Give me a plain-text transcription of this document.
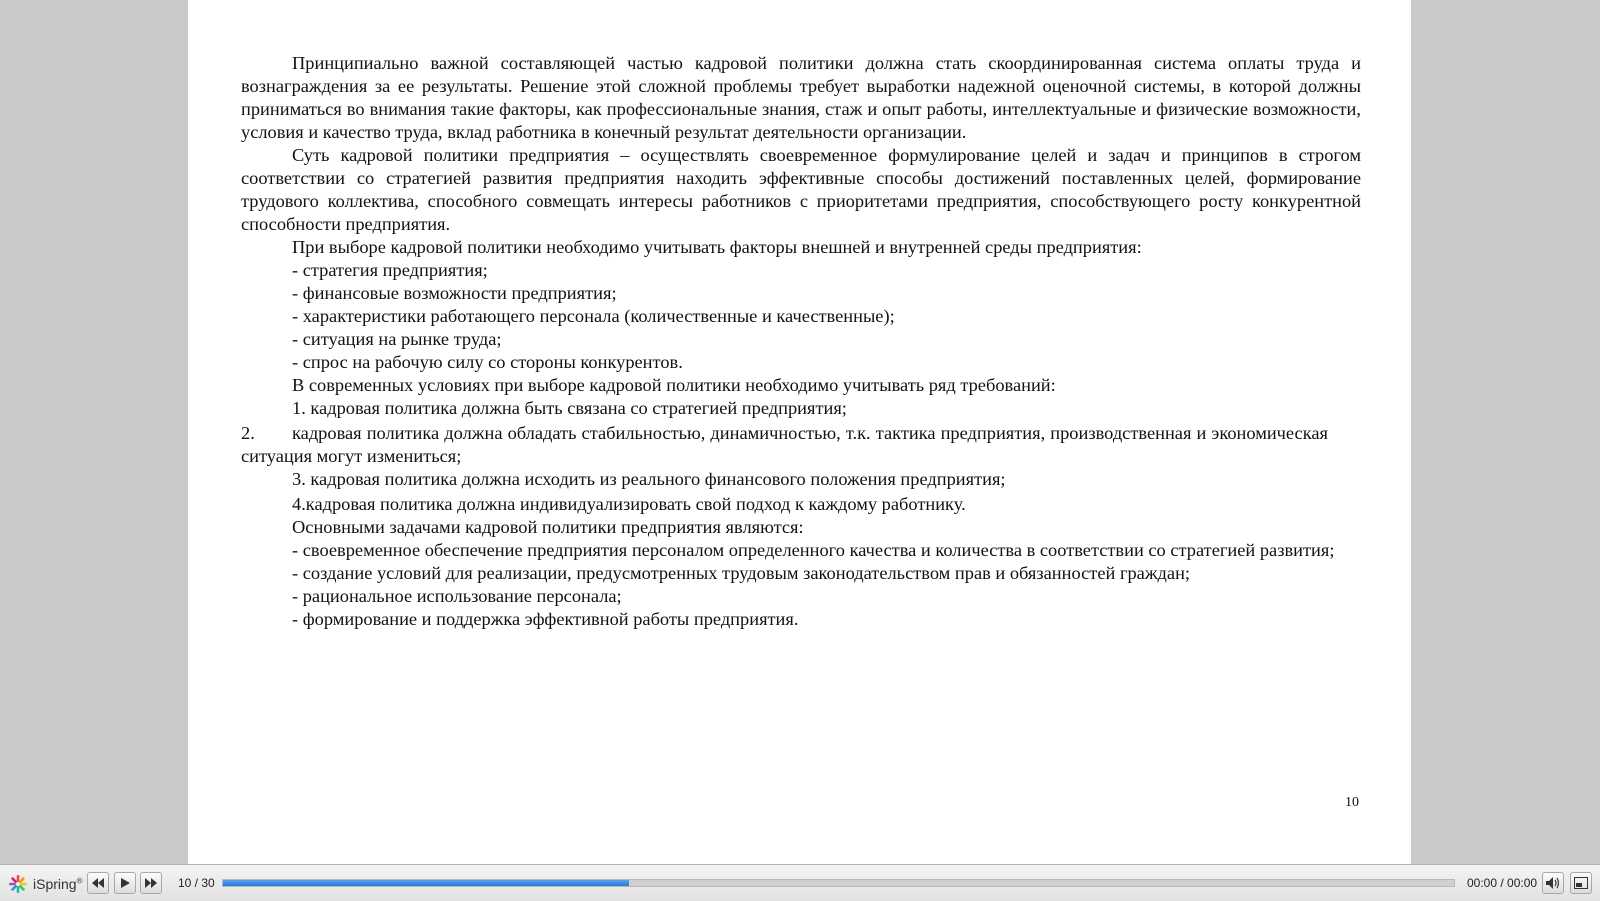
Принципиально важной составляющей частью кадровой политики должна стать скоординированная система оплаты труда и вознаграждения за ее результаты. Решение этой сложной проблемы требует выработки надежной оценочной системы, в которой должны приниматься во внимания такие факторы, как профессиональные знания, стаж и опыт работы, интеллектуальные и физические возможности, условия и качество труда, вклад работника в конечный результат деятельности организации.

Суть кадровой политики предприятия – осуществлять своевременное формулирование целей и задач и принципов в строгом соответствии со стратегией развития предприятия находить эффективные способы достижений поставленных целей, формирование трудового коллектива, способного совмещать интересы работников с приоритетами предприятия, способствующего росту конкурентной способности предприятия.

При выборе кадровой политики необходимо учитывать факторы внешней и внутренней среды предприятия:

- стратегия предприятия;

- финансовые возможности предприятия;

- характеристики работающего персонала (количественные и качественные);

- ситуация на рынке труда;

- спрос на рабочую силу со стороны конкурентов.

В современных условиях при выборе кадровой политики необходимо учитывать ряд требований:

1. кадровая политика должна быть связана со стратегией предприятия;

2.	кадровая политика должна обладать стабильностью, динамичностью, т.к. тактика предприятия, производственная и экономическая ситуация могут измениться;

3. кадровая политика должна исходить из реального финансового положения предприятия;

4.кадровая политика должна индивидуализировать свой подход к каждому работнику.

Основными задачами кадровой политики предприятия являются:

- своевременное обеспечение предприятия персоналом определенного качества и количества в соответствии со стратегией развития;

- создание условий для реализации, предусмотренных трудовым законодательством прав и обязанностей граждан;

- рациональное использование персонала;

- формирование и поддержка эффективной работы предприятия.

10
iSpring®	10 / 30	00:00 / 00:00
